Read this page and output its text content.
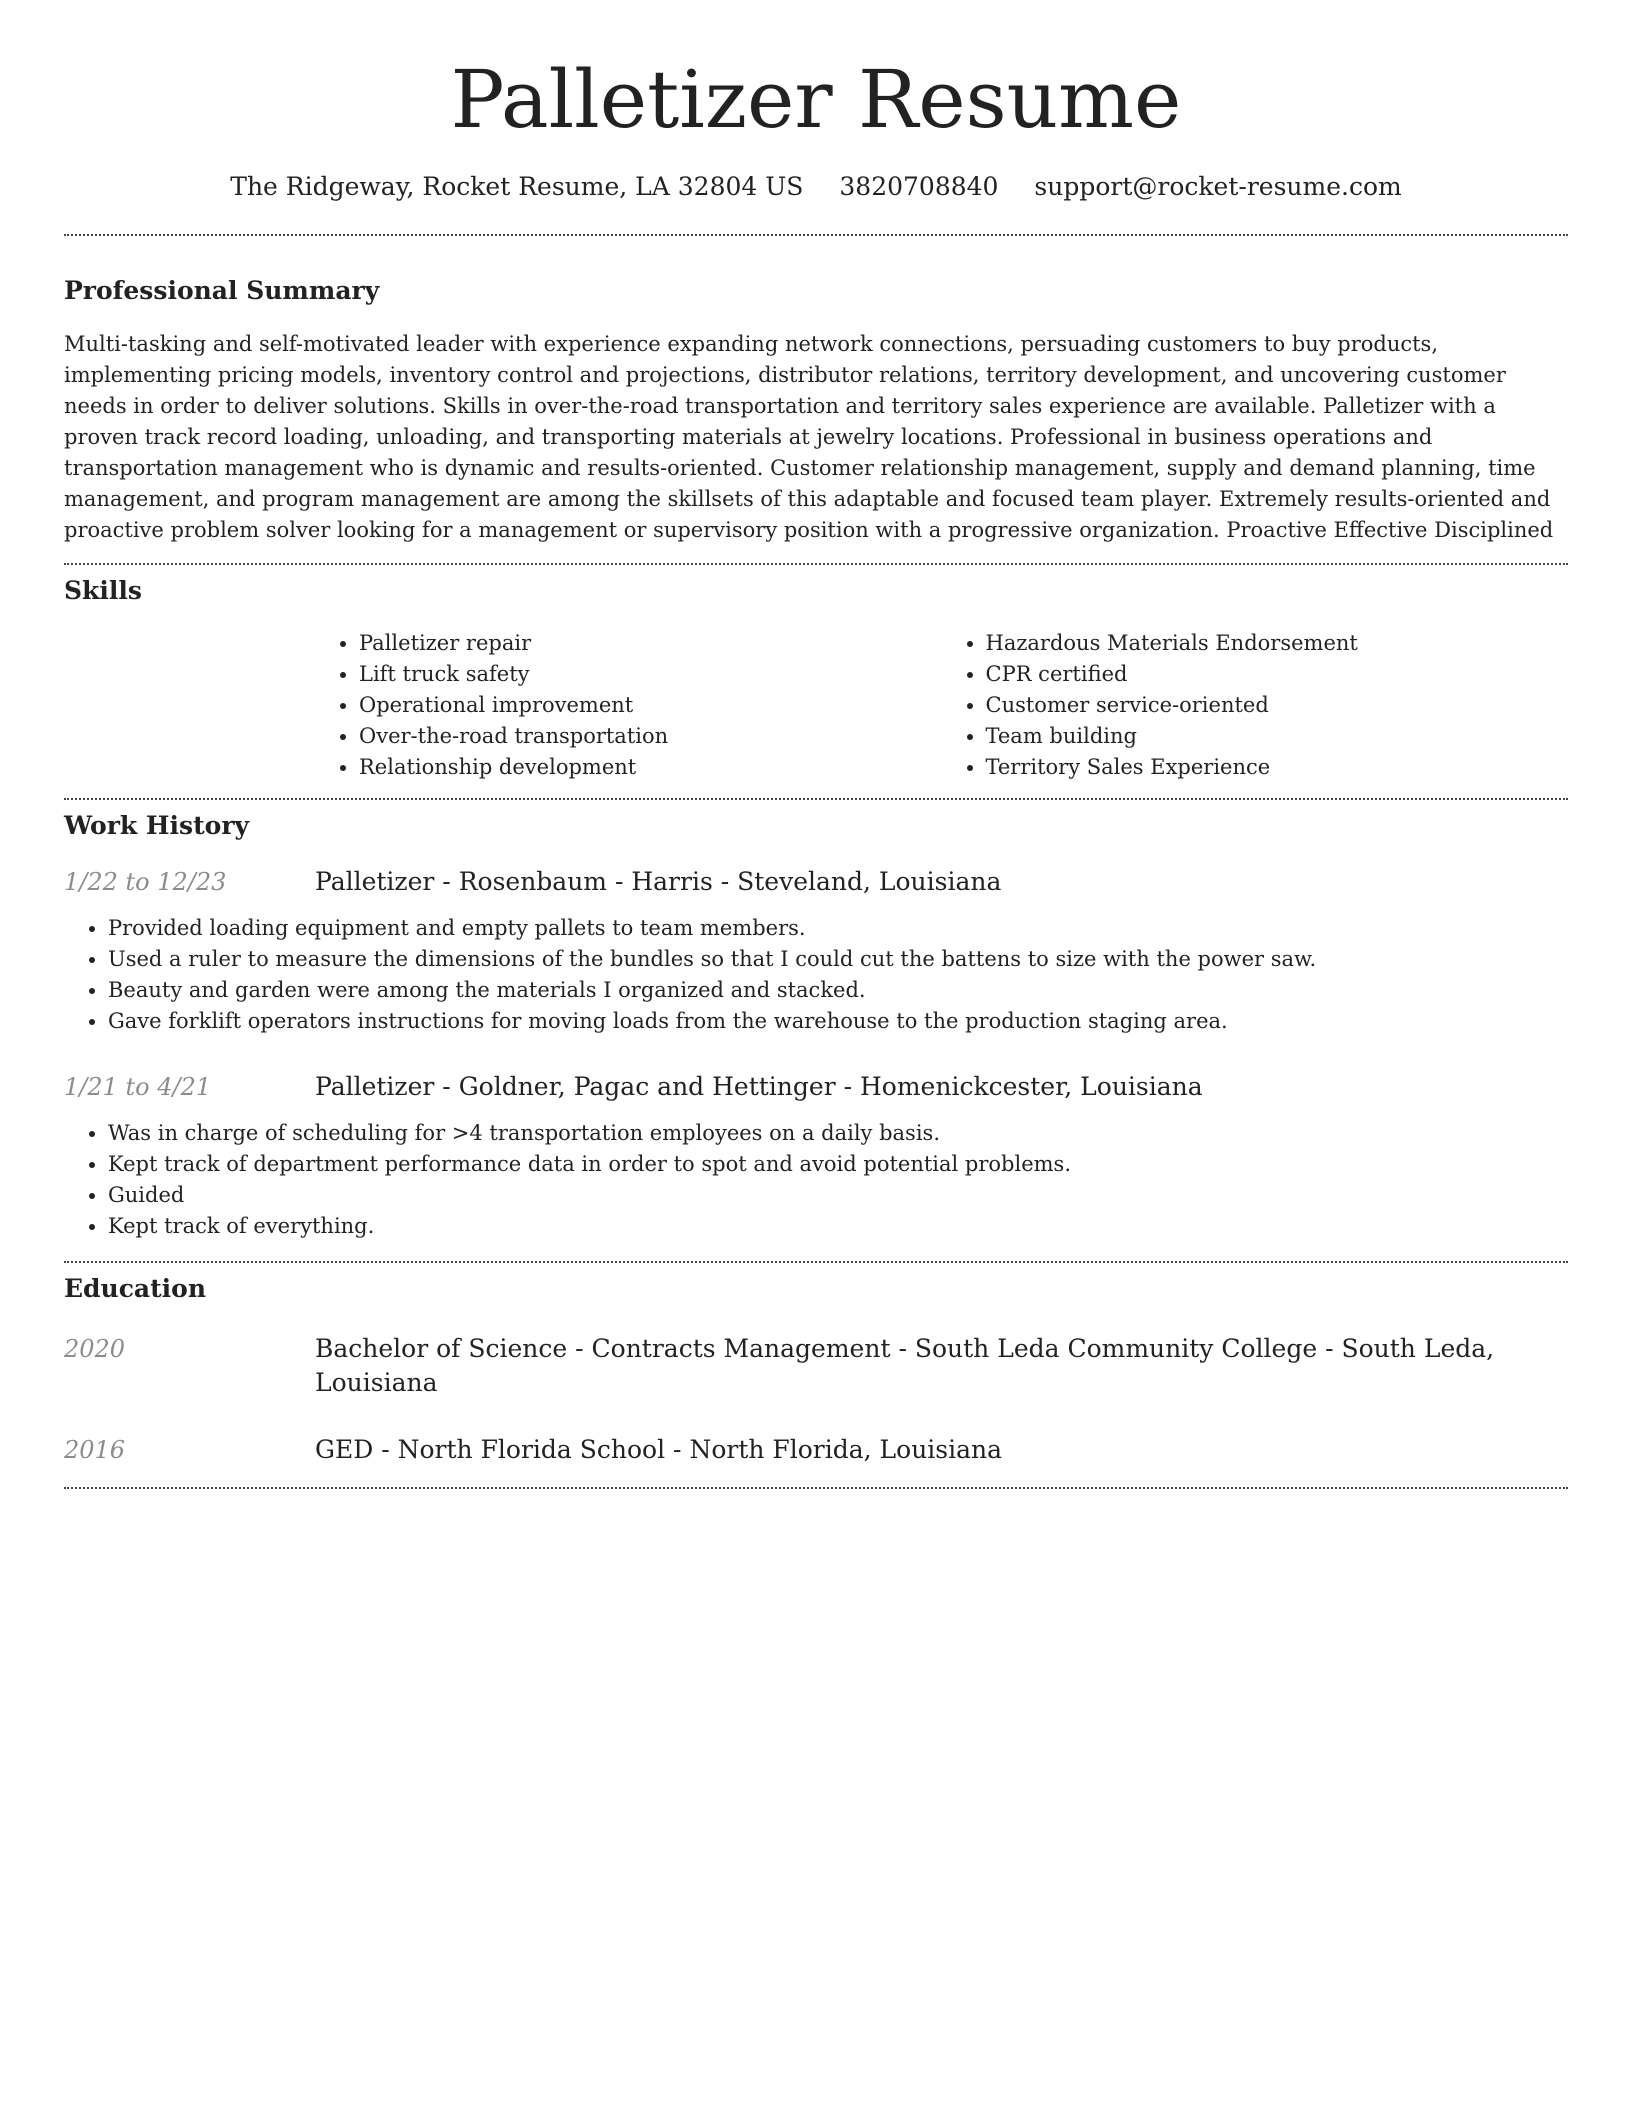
Palletizer Resume
The Ridgeway, Rocket Resume, LA 32804 US 3820708840 support@rocket-resume.com
Professional Summary

Multi-tasking and self-motivated leader with experience expanding network connections, persuading customers to buy products, implementing pricing models, inventory control and projections, distributor relations, territory development, and uncovering customer needs in order to deliver solutions. Skills in over-the-road transportation and territory sales experience are available. Palletizer with a proven track record loading, unloading, and transporting materials at jewelry locations. Professional in business operations and transportation management who is dynamic and results-oriented. Customer relationship management, supply and demand planning, time management, and program management are among the skillsets of this adaptable and focused team player. Extremely results-oriented and proactive problem solver looking for a management or supervisory position with a progressive organization. Proactive Effective Disciplined

Skills
• Palletizer repair
• Lift truck safety
• Operational improvement
• Over-the-road transportation
• Relationship development
• Hazardous Materials Endorsement
• CPR certified
• Customer service-oriented
• Team building
• Territory Sales Experience
Work History
1/22 to 12/23	Palletizer - Rosenbaum - Harris - Steveland, Louisiana
• Provided loading equipment and empty pallets to team members.
• Used a ruler to measure the dimensions of the bundles so that I could cut the battens to size with the power saw.
• Beauty and garden were among the materials I organized and stacked.
• Gave forklift operators instructions for moving loads from the warehouse to the production staging area.
1/21 to 4/21	Palletizer - Goldner, Pagac and Hettinger - Homenickcester, Louisiana
• Was in charge of scheduling for >4 transportation employees on a daily basis.
• Kept track of department performance data in order to spot and avoid potential problems.
• Guided
• Kept track of everything.
Education
2020	Bachelor of Science - Contracts Management - South Leda Community College - South Leda, Louisiana
2016	GED - North Florida School - North Florida, Louisiana
